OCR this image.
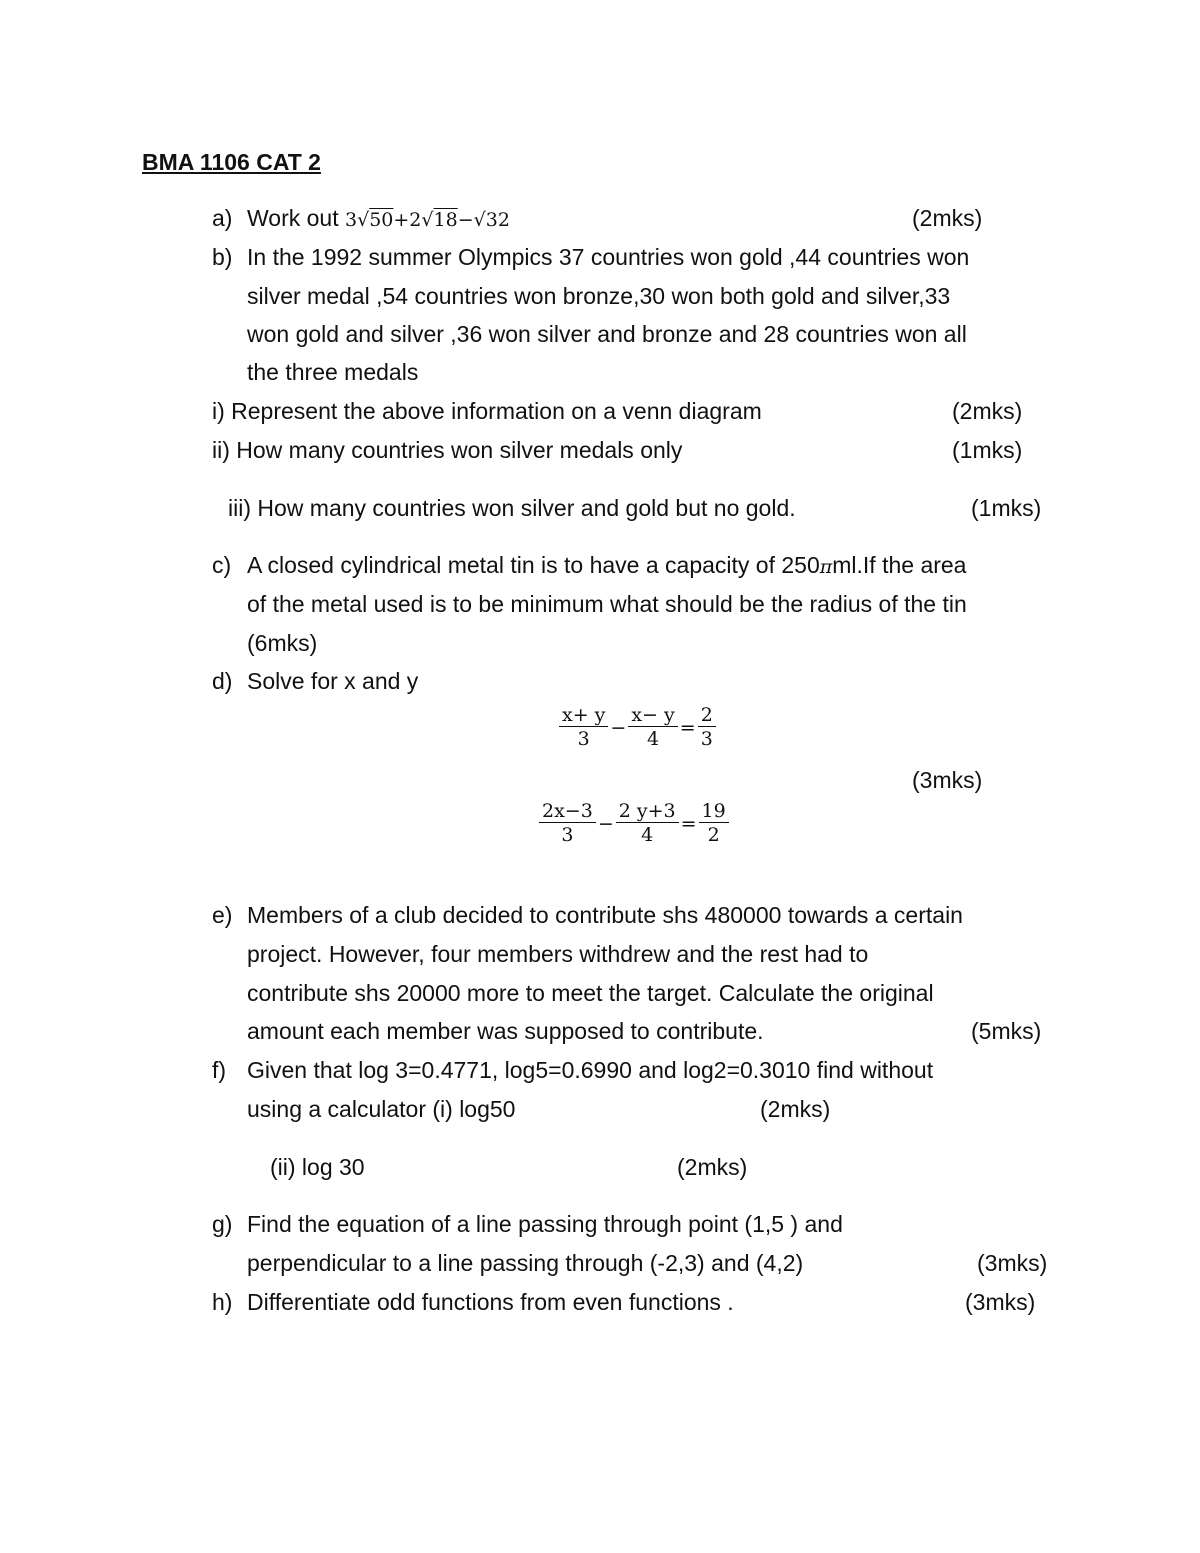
BMA 1106 CAT 2
a) Work out 3√50+2√18−√32	(2mks)
b) In the 1992 summer Olympics 37 countries won gold ,44 countries won
silver medal ,54 countries won bronze,30 won both gold and silver,33
won gold and silver ,36 won silver and bronze and 28 countries won all
the three medals
i) Represent the above information on a venn diagram	(2mks)
ii) How many countries won silver medals only	(1mks)
iii) How many countries won silver and gold but no gold.	(1mks)
c) A closed cylindrical metal tin is to have a capacity of 250πml.If the area
of the metal used is to be minimum what should be the radius of the tin
(6mks)
d) Solve for x and y
$\frac{x+ y}{3} - \frac{x- y}{4} = \frac{2}{3}$
(3mks)
$\frac{2x-3}{3} - \frac{2 y+3}{4} = \frac{19}{2}$
e) Members of a club decided to contribute shs 480000 towards a certain
project. However, four members withdrew and the rest had to
contribute shs 20000 more to meet the target. Calculate the original
amount each member was supposed to contribute.	(5mks)
f) Given that log 3=0.4771, log5=0.6990 and log2=0.3010 find without
using a calculator (i) log50	(2mks)
(ii) log 30	(2mks)
g) Find the equation of a line passing through point (1,5 ) and
perpendicular to a line passing through (-2,3) and (4,2)	(3mks)
h) Differentiate odd functions from even functions .	(3mks)
